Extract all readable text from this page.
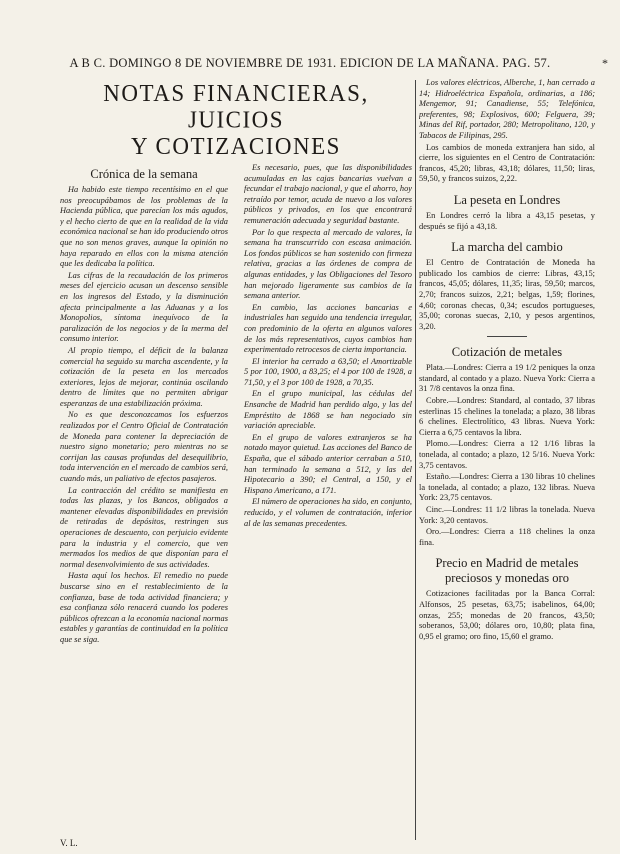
A B C. DOMINGO 8 DE NOVIEMBRE DE 1931. EDICION DE LA MAÑANA. PAG. 57.	*
NOTAS FINANCIERAS, JUICIOS
Y COTIZACIONES
Crónica de la semana

Ha habido este tiempo recentísimo en el que nos preocupábamos de los problemas de la Hacienda pública, que parecían los más agudos, y el hecho cierto de que en la realidad de la vida económica nacional se han ido produciendo otros que no son menos graves, aunque la opinión no haya reparado en ellos con la misma atención que les dedicaba la política.

Las cifras de la recaudación de los primeros meses del ejercicio acusan un descenso sensible en los ingresos del Estado, y la disminución afecta principalmente a las Aduanas y a los Monopolios, síntoma inequívoco de la paralización de los negocios y de la merma del consumo interior.

Al propio tiempo, el déficit de la balanza comercial ha seguido su marcha ascendente, y la cotización de la peseta en los mercados exteriores, lejos de mejorar, continúa oscilando dentro de límites que no permiten abrigar esperanzas de una estabilización próxima.

No es que desconozcamos los esfuerzos realizados por el Centro Oficial de Contratación de Moneda para contener la depreciación de nuestro signo monetario; pero mientras no se corrijan las causas profundas del desequilibrio, toda intervención en el mercado de cambios será, cuando más, un paliativo de efectos pasajeros.

La contracción del crédito se manifiesta en todas las plazas, y los Bancos, obligados a mantener elevadas disponibilidades en previsión de retiradas de depósitos, restringen sus operaciones de descuento, con perjuicio evidente para la industria y el comercio, que ven mermados los medios de que disponían para el normal desenvolvimiento de sus actividades.

Hasta aquí los hechos. El remedio no puede buscarse sino en el restablecimiento de la confianza, base de toda actividad financiera; y esa confianza sólo renacerá cuando los poderes públicos ofrezcan a la economía nacional normas estables y garantías de continuidad en la política que se siga.

Es necesario, pues, que las disponibilidades acumuladas en las cajas bancarias vuelvan a fecundar el trabajo nacional, y que el ahorro, hoy retraído por temor, acuda de nuevo a los valores públicos y privados, en los que encontrará remuneración adecuada y seguridad bastante.

Por lo que respecta al mercado de valores, la semana ha transcurrido con escasa animación. Los fondos públicos se han sostenido con firmeza relativa, gracias a las órdenes de compra de algunas entidades, y las Obligaciones del Tesoro han mejorado ligeramente sus cambios de la semana anterior.

En cambio, las acciones bancarias e industriales han seguido una tendencia irregular, con predominio de la oferta en algunos valores de los más representativos, cuyos cambios han experimentado retrocesos de cierta importancia.

El interior ha cerrado a 63,50; el Amortizable 5 por 100, 1900, a 83,25; el 4 por 100 de 1928, a 71,50, y el 3 por 100 de 1928, a 70,35.

En el grupo municipal, las cédulas del Ensanche de Madrid han perdido algo, y las del Empréstito de 1868 se han negociado sin variación apreciable.

En el grupo de valores extranjeros se ha notado mayor quietud. Las acciones del Banco de España, que el sábado anterior cerraban a 510, han terminado la semana a 512, y las del Hipotecario a 390; el Central, a 150, y el Hispano Americano, a 171.

El número de operaciones ha sido, en conjunto, reducido, y el volumen de contratación, inferior al de las semanas precedentes.

Los valores eléctricos, Alberche, 1, han cerrado a 14; Hidroeléctrica Española, ordinarias, a 186; Mengemor, 91; Canadiense, 55; Telefónica, preferentes, 98; Explosivos, 600; Felguera, 39; Minas del Rif, portador, 280; Metropolitano, 120, y Tabacos de Filipinas, 295.

Los cambios de moneda extranjera han sido, al cierre, los siguientes en el Centro de Contratación: francos, 45,20; libras, 43,18; dólares, 11,50; liras, 59,50, y francos suizos, 2,22.

La peseta en Londres

En Londres cerró la libra a 43,15 pesetas, y después se fijó a 43,18.

La marcha del cambio

El Centro de Contratación de Moneda ha publicado los cambios de cierre: Libras, 43,15; francos, 45,05; dólares, 11,35; liras, 59,50; marcos, 2,70; francos suizos, 2,21; belgas, 1,59; florines, 4,60; coronas checas, 0,34; escudos portugueses, 35,00; coronas suecas, 2,10, y pesos argentinos, 3,20.

Cotización de metales

Plata.—Londres: Cierra a 19 1/2 peniques la onza standard, al contado y a plazo. Nueva York: Cierra a 31 7/8 centavos la onza fina.

Cobre.—Londres: Standard, al contado, 37 libras esterlinas 15 chelines la tonelada; a plazo, 38 libras 6 chelines. Electrolítico, 43 libras. Nueva York: Cierra a 6,75 centavos la libra.

Plomo.—Londres: Cierra a 12 1/16 libras la tonelada, al contado; a plazo, 12 5/16. Nueva York: 3,75 centavos.

Estaño.—Londres: Cierra a 130 libras 10 chelines la tonelada, al contado; a plazo, 132 libras. Nueva York: 23,75 centavos.

Cinc.—Londres: 11 1/2 libras la tonelada. Nueva York: 3,20 centavos.

Oro.—Londres: Cierra a 118 chelines la onza fina.

Precio en Madrid de metales preciosos y monedas oro

Cotizaciones facilitadas por la Banca Corral: Alfonsos, 25 pesetas, 63,75; isabelinos, 64,00; onzas, 255; monedas de 20 francos, 43,50; soberanos, 53,00; dólares oro, 10,80; plata fina, 0,95 el gramo; oro fino, 15,60 el gramo.

V. L.
